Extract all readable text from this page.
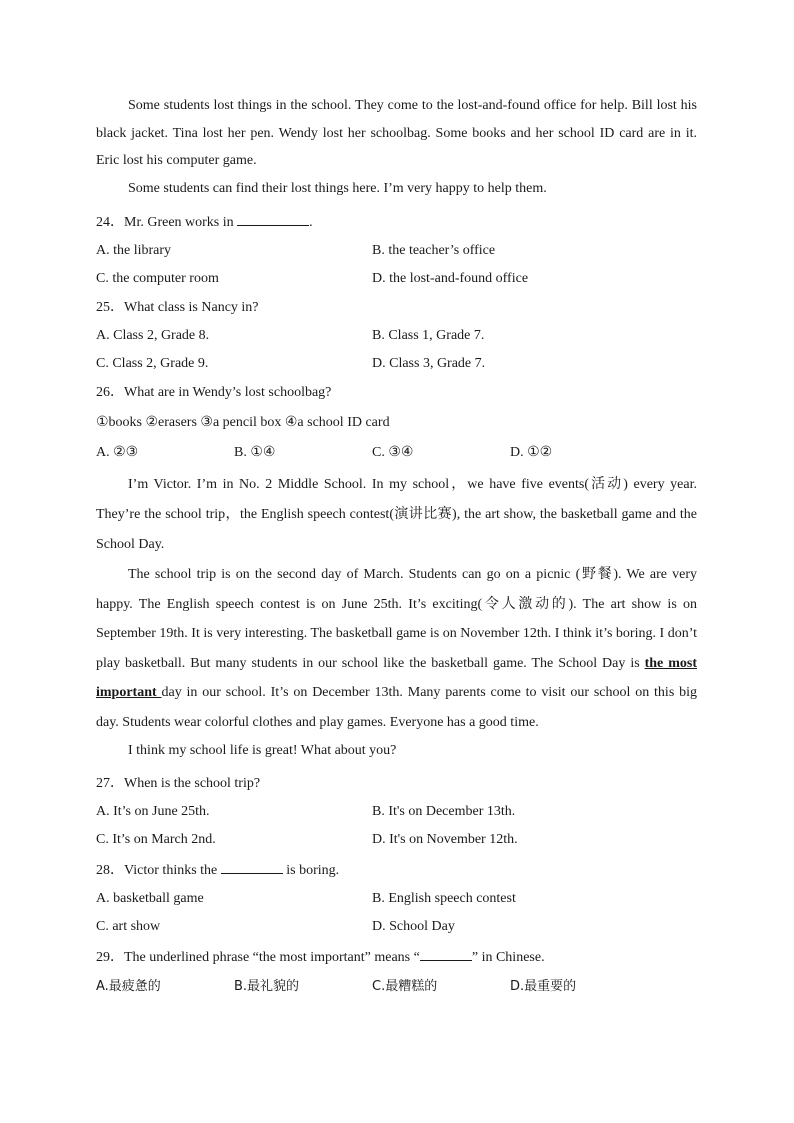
Some students lost things in the school. They come to the lost-and-found office for help. Bill lost his black jacket. Tina lost her pen. Wendy lost her schoolbag. Some books and her school ID card are in it. Eric lost his computer game.

Some students can find their lost things here. I’m very happy to help them.

24．Mr. Green works in	.

A. the library	B. the teacher’s office
C. the computer room	D. the lost-and-found office

25．What class is Nancy in?

A. Class 2, Grade 8.	B. Class 1, Grade 7.
C. Class 2, Grade 9.	D. Class 3, Grade 7.

26．What are in Wendy’s lost schoolbag?

①books ②erasers ③a pencil box ④a school ID card

A. ②③	B. ①④	C. ③④	D. ①②

I’m Victor. I’m in No. 2 Middle School. In my school，we have five events(活动) every year. They’re the school trip，the English speech contest(演讲比赛), the art show, the basketball game and the School Day.

The school trip is on the second day of March. Students can go on a picnic (野餐). We are very happy. The English speech contest is on June 25th. It’s exciting(令人激动的). The art show is on September 19th. It is very interesting. The basketball game is on November 12th. I think it’s boring. I don’t play basketball. But many students in our school like the basketball game. The School Day is the most important day in our school. It’s on December 13th. Many parents come to visit our school on this big day. Students wear colorful clothes and play games. Everyone has a good time.

I think my school life is great! What about you?

27．When is the school trip?

A. It’s on June 25th.	B. It's on December 13th.
C. It’s on March 2nd.	D. It's on November 12th.

28．Victor thinks the	is boring.

A. basketball game	B. English speech contest
C. art show	D. School Day

29．The underlined phrase “the most important” means “	” in Chinese.

A.最疲惫的	B.最礼貌的	C.最糟糕的	D.最重要的
